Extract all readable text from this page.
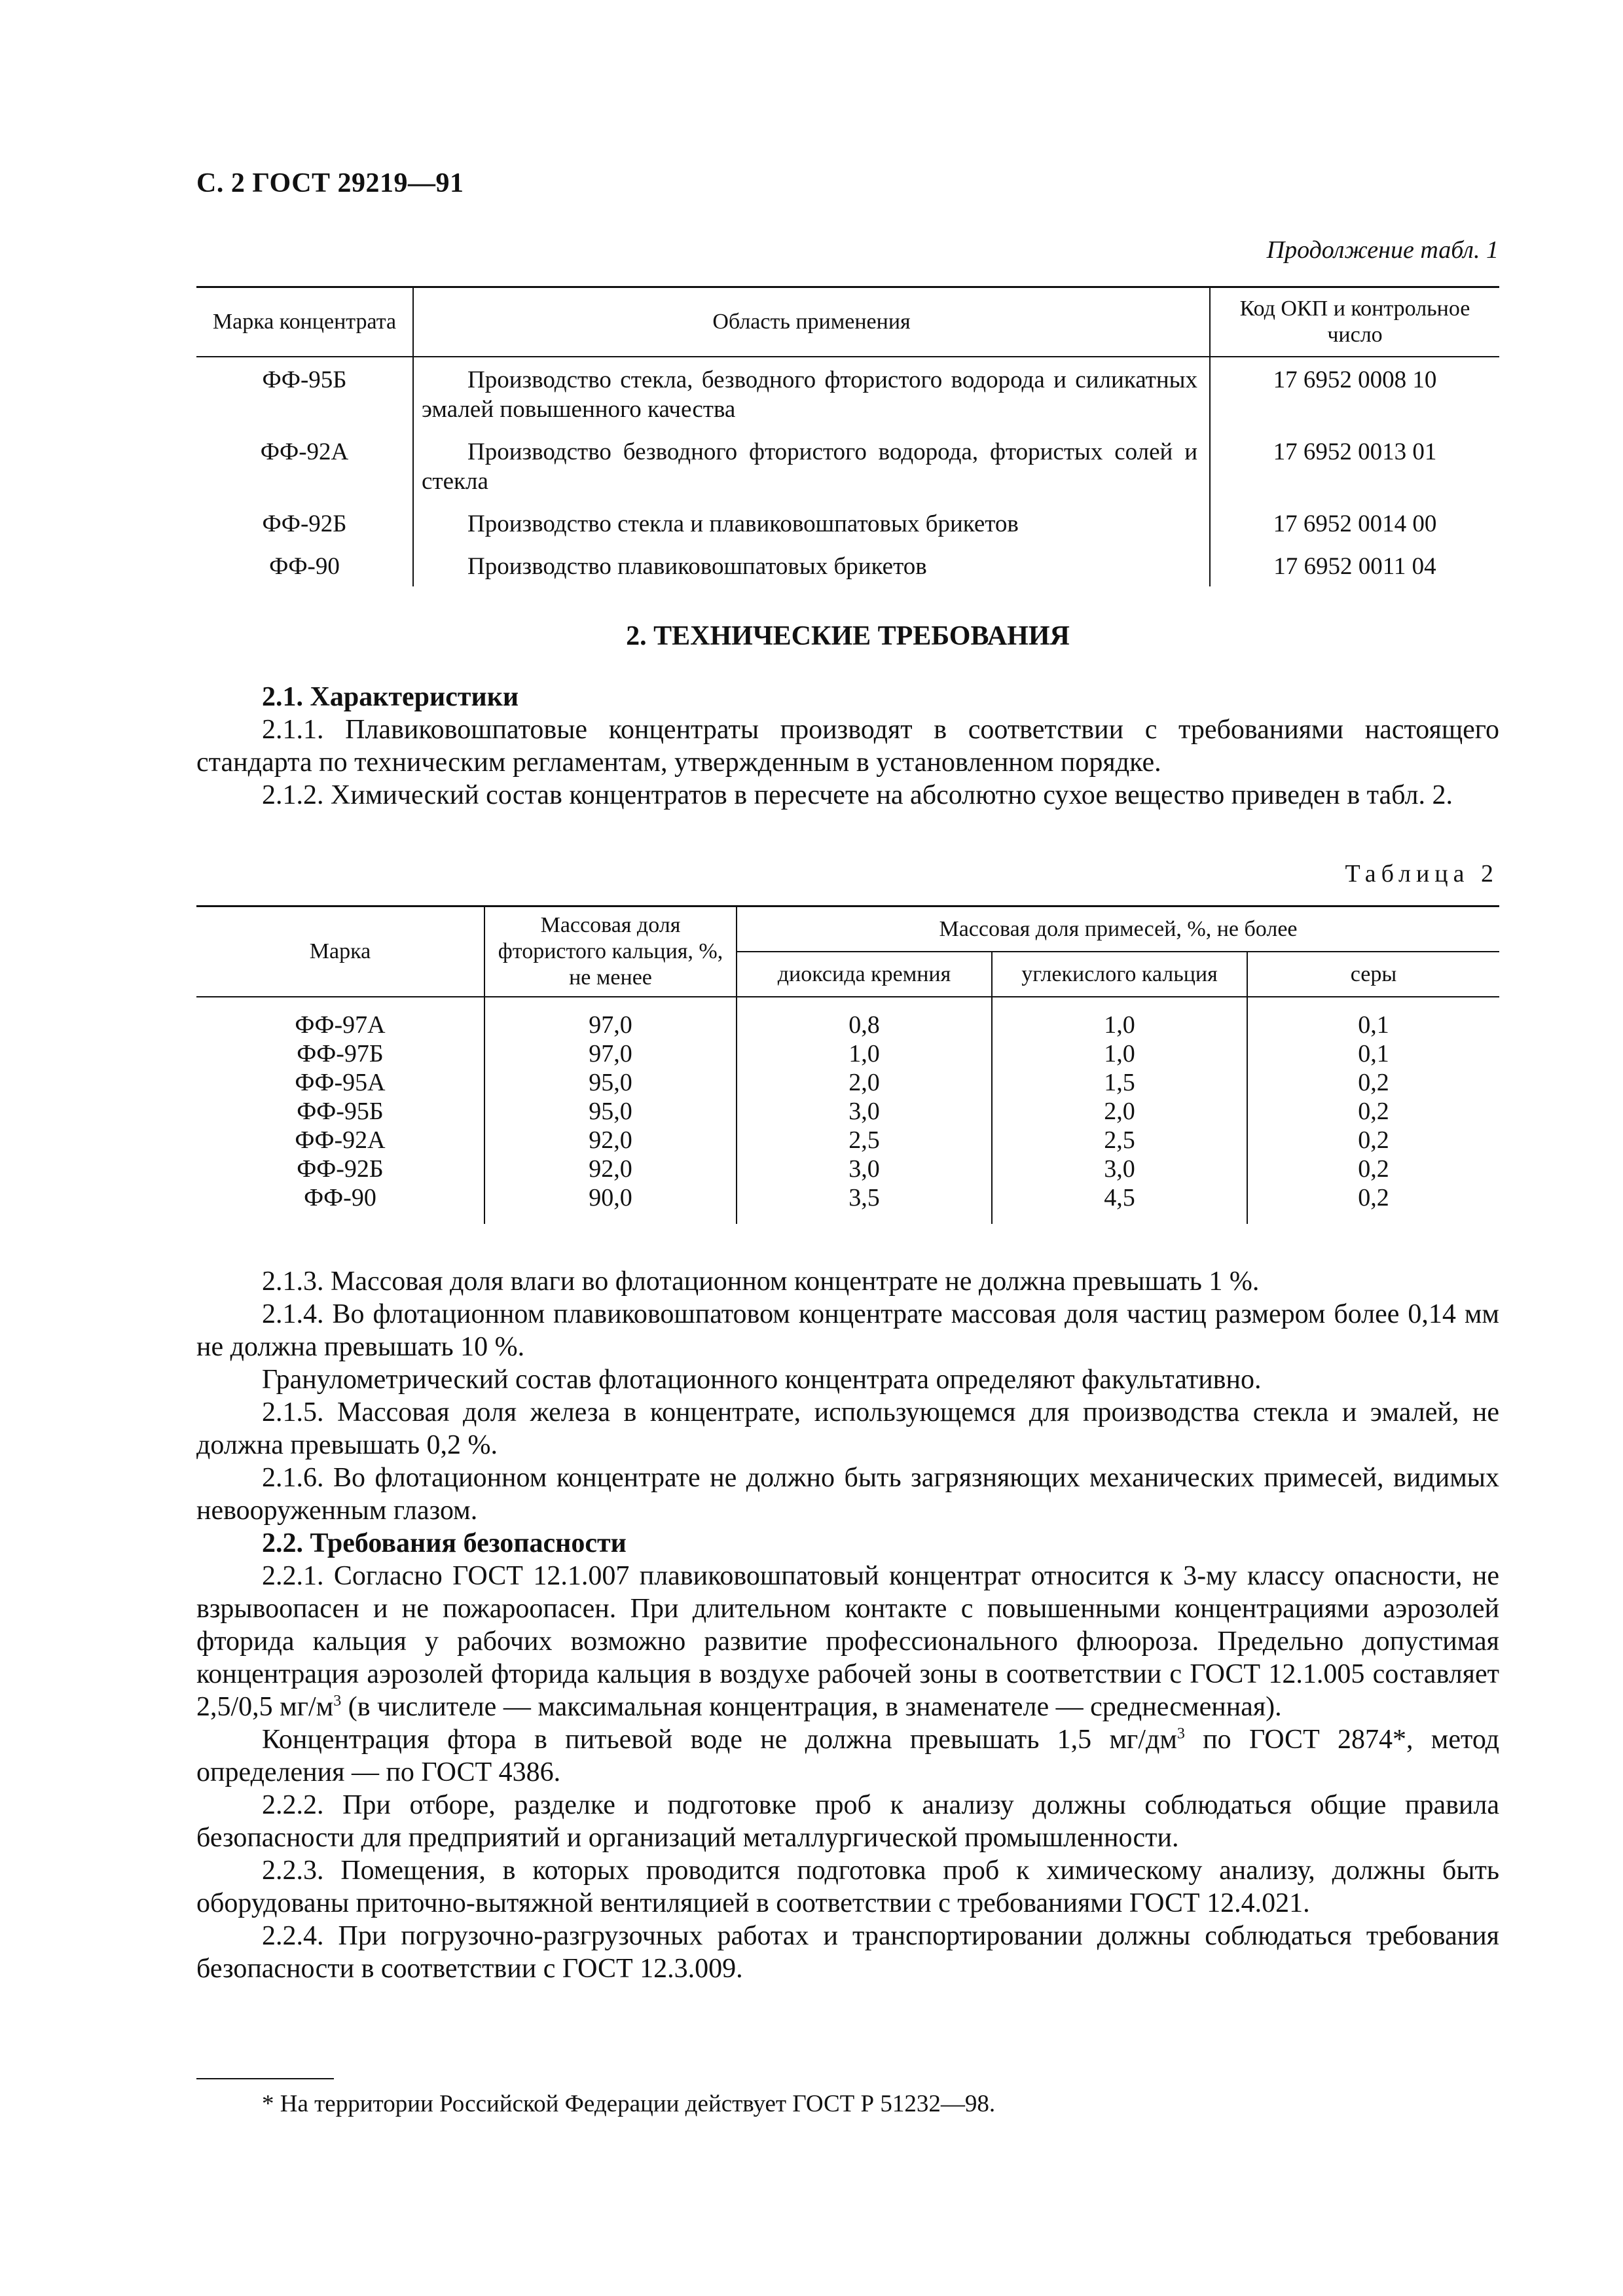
С. 2 ГОСТ 29219—91
Продолжение табл. 1
Марка концентрата	Область применения	Код ОКП и контрольное число
ФФ-95Б	Производство стекла, безводного фтористого водорода и силикатных эмалей повышенного качества	17 6952 0008 10
ФФ-92А	Производство безводного фтористого водорода, фтористых солей и стекла	17 6952 0013 01
ФФ-92Б	Производство стекла и плавиковошпатовых брикетов	17 6952 0014 00
ФФ-90	Производство плавиковошпатовых брикетов	17 6952 0011 04
2. ТЕХНИЧЕСКИЕ ТРЕБОВАНИЯ

2.1. Характеристики

2.1.1. Плавиковошпатовые концентраты производят в соответствии с требованиями настоящего стандарта по техническим регламентам, утвержденным в установленном порядке.

2.1.2. Химический состав концентратов в пересчете на абсолютно сухое вещество приведен в табл. 2.

Таблица 2
Марка	Массовая доля фтористого кальция, %, не менее	Массовая доля примесей, %, не более		
		диоксида кремния	углекислого кальция	серы
ФФ-97А	97,0	0,8	1,0	0,1
ФФ-97Б	97,0	1,0	1,0	0,1
ФФ-95А	95,0	2,0	1,5	0,2
ФФ-95Б	95,0	3,0	2,0	0,2
ФФ-92А	92,0	2,5	2,5	0,2
ФФ-92Б	92,0	3,0	3,0	0,2
ФФ-90	90,0	3,5	4,5	0,2

2.1.3. Массовая доля влаги во флотационном концентрате не должна превышать 1 %.

2.1.4. Во флотационном плавиковошпатовом концентрате массовая доля частиц размером более 0,14 мм не должна превышать 10 %.

Гранулометрический состав флотационного концентрата определяют факультативно.

2.1.5. Массовая доля железа в концентрате, использующемся для производства стекла и эмалей, не должна превышать 0,2 %.

2.1.6. Во флотационном концентрате не должно быть загрязняющих механических примесей, видимых невооруженным глазом.

2.2. Требования безопасности

2.2.1. Согласно ГОСТ 12.1.007 плавиковошпатовый концентрат относится к 3-му классу опасности, не взрывоопасен и не пожароопасен. При длительном контакте с повышенными концентрациями аэрозолей фторида кальция у рабочих возможно развитие профессионального флюороза. Предельно допустимая концентрация аэрозолей фторида кальция в воздухе рабочей зоны в соответствии с ГОСТ 12.1.005 составляет 2,5/0,5 $мг/м^3$ (в числителе — максимальная концентрация, в знаменателе — среднесменная).

Концентрация фтора в питьевой воде не должна превышать 1,5 $мг/дм^3$ по ГОСТ 2874*, метод определения — по ГОСТ 4386.

2.2.2. При отборе, разделке и подготовке проб к анализу должны соблюдаться общие правила безопасности для предприятий и организаций металлургической промышленности.

2.2.3. Помещения, в которых проводится подготовка проб к химическому анализу, должны быть оборудованы приточно-вытяжной вентиляцией в соответствии с требованиями ГОСТ 12.4.021.

2.2.4. При погрузочно-разгрузочных работах и транспортировании должны соблюдаться требования безопасности в соответствии с ГОСТ 12.3.009.

* На территории Российской Федерации действует ГОСТ Р 51232—98.
